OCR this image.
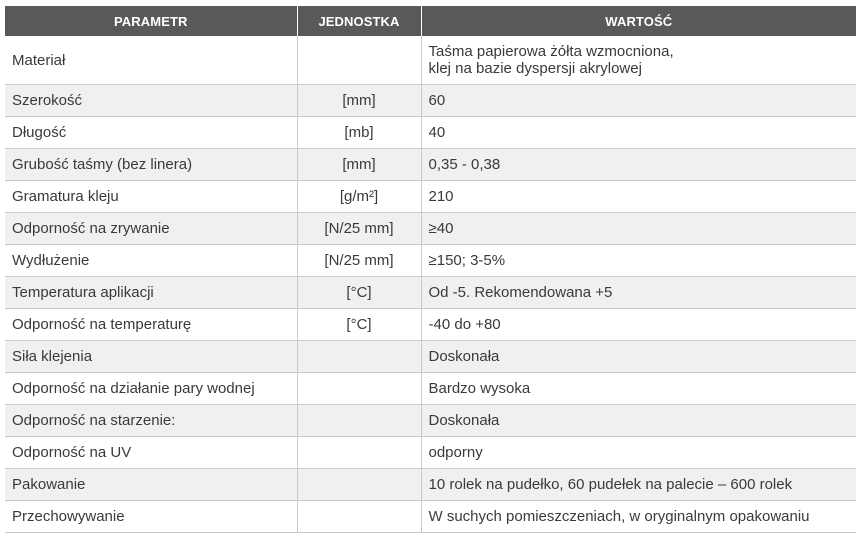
PARAMETR	JEDNOSTKA	WARTOŚĆ
Materiał		Taśma papierowa żółta wzmocniona,
klej na bazie dyspersji akrylowej

Szerokość	[mm]	60
Długość	[mb]	40
Grubość taśmy (bez linera)	[mm]	0,35 - 0,38
Gramatura kleju	[g/m²]	210
Odporność na zrywanie	[N/25 mm]	≥40
Wydłużenie	[N/25 mm]	≥150; 3-5%
Temperatura aplikacji	[°C]	Od -5. Rekomendowana +5
Odporność na temperaturę	[°C]	-40 do +80
Siła klejenia		Doskonała
Odporność na działanie pary wodnej		Bardzo wysoka
Odporność na starzenie:		Doskonała
Odporność na UV		odporny
Pakowanie		10 rolek na pudełko, 60 pudełek na palecie – 600 rolek
Przechowywanie		W suchych pomieszczeniach, w oryginalnym opakowaniu
